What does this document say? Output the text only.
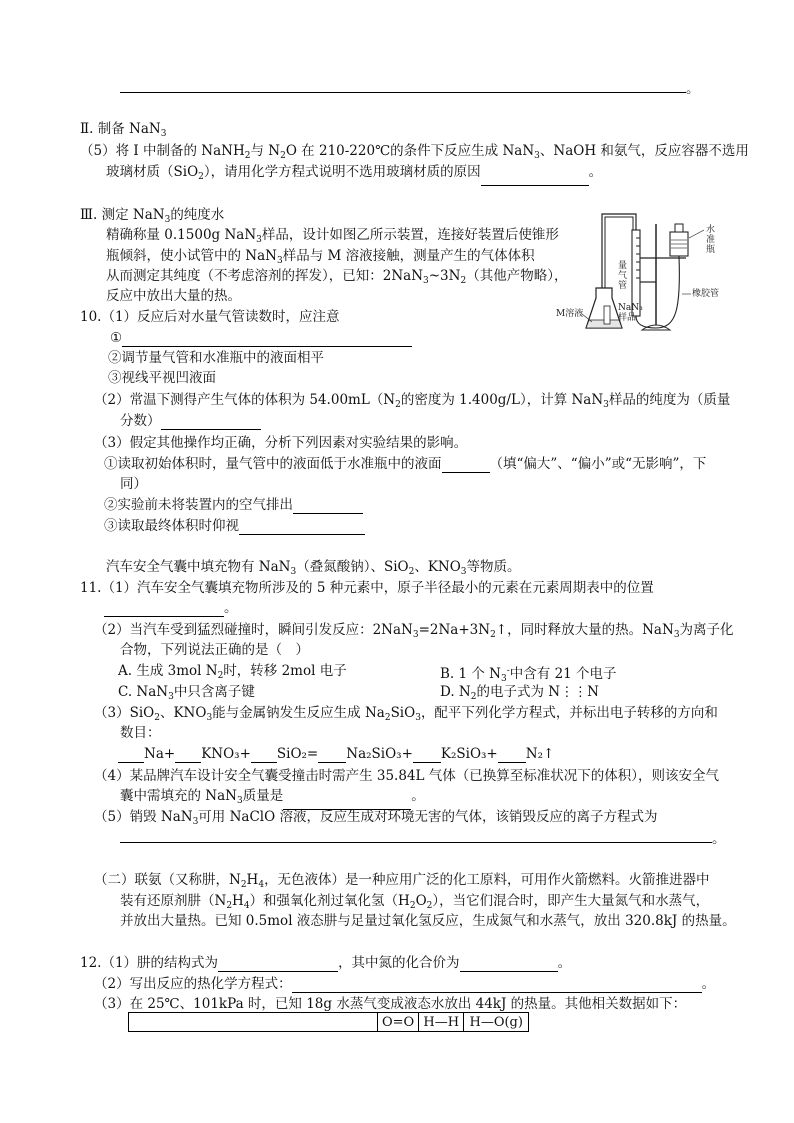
。
Ⅱ. 制备 NaN$_3$
（5）将 I 中制备的 NaNH$_2$与 $N_2O$ 在 210-220℃的条件下反应生成 NaN$_3$、NaOH 和氨气，反应容器不选用
玻璃材质（SiO$_2$），请用化学方程式说明不选用玻璃材质的原因	。
Ⅲ. 测定 NaN$_3$的纯度水
精确称量 0.1500g NaN$_3$样品，设计如图乙所示装置，连接好装置后使锥形
瓶倾斜，使小试管中的 NaN$_3$样品与 M 溶液接触，测量产生的气体体积
从而测定其纯度（不考虑溶剂的挥发），已知：$2NaN_3\sim 3N_2$（其他产物略），
反应中放出大量的热。
水
准
瓶
量
气
管
橡胶管
M溶液
NaN₃
样品
10.（1）反应后对水量气管读数时，应注意
①
②调节量气管和水准瓶中的液面相平
③视线平视凹液面
（2）常温下测得产生气体的体积为 $54.00mL(N_2$的密度为 1.400g/L），计算 NaN$_3$样品的纯度为（质量
分数）
（3）假定其他操作均正确，分析下列因素对实验结果的影响。
①读取初始体积时，量气管中的液面低于水准瓶中的液面	（填“偏大”、“偏小”或“无影响”，下
同）
②实验前未将装置内的空气排出
③读取最终体积时仰视
汽车安全气囊中填充物有 NaN$_3$（叠氮酸钠）、SiO$_2$、$KNO_3$等物质。
11.（1）汽车安全气囊填充物所涉及的 5 种元素中，原子半径最小的元素在元素周期表中的位置
。
（2）当汽车受到猛烈碰撞时，瞬间引发反应：$2NaN_3=2Na+3N_2↑$，同时释放大量的热。NaN$_3$为离子化
合物，下列说法正确的是（　）
A. 生成 3mol $N_2$时，转移 2mol 电子	B. 1 个 $N_3^-$中含有 21 个电子
C. NaN$_3$中只含离子键	D. $N_2$的电子式为 N⋮⋮N
（3）SiO$_2$、$KNO_3$能与金属钠发生反应生成 $Na_2SiO_3$，配平下列化学方程式，并标出电子转移的方向和
数目：
Na+ KNO₃+ SiO₂= Na₂SiO₃+ K₂SiO₃+ N₂↑
（4）某品牌汽车设计安全气囊受撞击时需产生 35.84L 气体（已换算至标准状况下的体积），则该安全气
囊中需填充的 NaN$_3$质量是	。
（5）销毁 NaN$_3$可用 NaClO 溶液，反应生成对环境无害的气体，该销毁反应的离子方程式为
。
（二）联氨（又称肼，$N_2H_4$，无色液体）是一种应用广泛的化工原料，可用作火箭燃料。火箭推进器中
装有还原剂肼$(N_2H_4)$和强氧化剂过氧化氢$(H_2O_2)$，当它们混合时，即产生大量氮气和水蒸气，
并放出大量热。已知 0.5mol 液态肼与足量过氧化氢反应，生成氮气和水蒸气，放出 320.8kJ 的热量。
12.（1）肼的结构式为	，其中氮的化合价为	。
（2）写出反应的热化学方程式：	。
（3）在 25℃、101kPa 时，已知 18g 水蒸气变成液态水放出 44kJ 的热量。其他相关数据如下：
	O=O	H—H	H—O(g)
